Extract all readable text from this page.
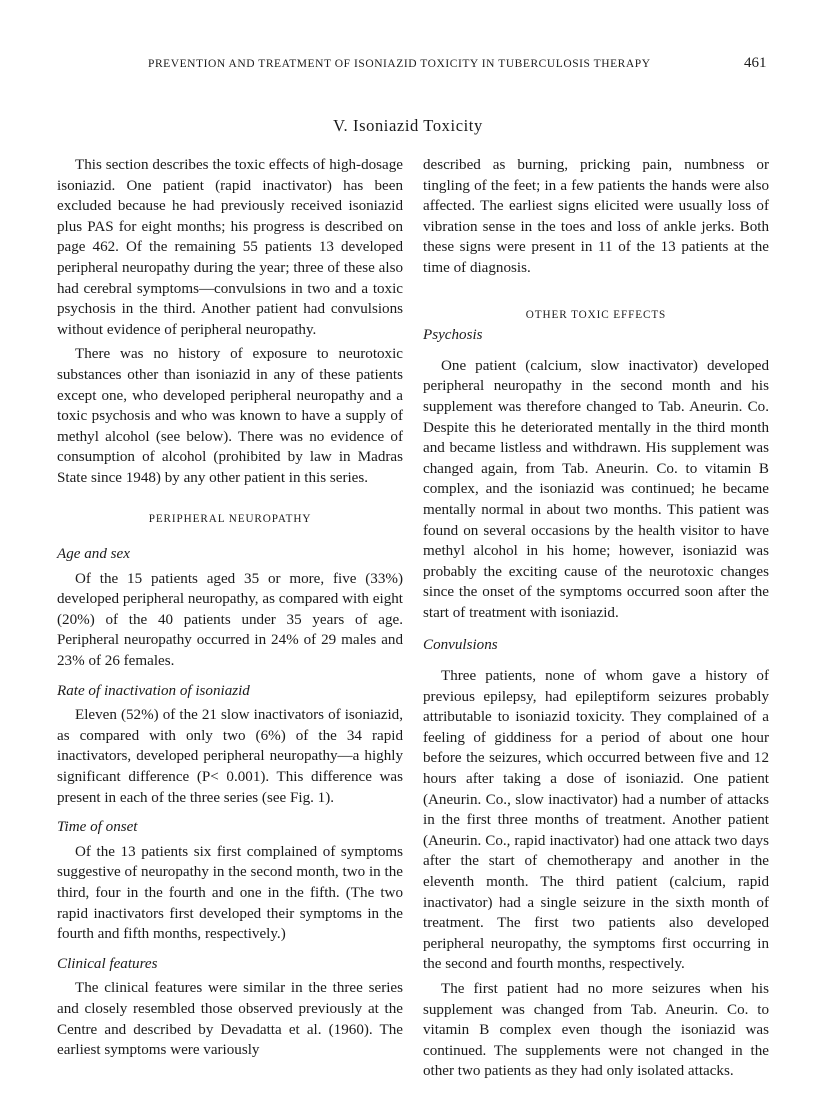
PREVENTION AND TREATMENT OF ISONIAZID TOXICITY IN TUBERCULOSIS THERAPY	461
V. Isoniazid Toxicity

This section describes the toxic effects of high-dosage isoniazid. One patient (rapid inactivator) has been excluded because he had previously received isoniazid plus PAS for eight months; his progress is described on page 462. Of the remaining 55 patients 13 developed peripheral neuropathy during the year; three of these also had cerebral symptoms—convulsions in two and a toxic psychosis in the third. Another patient had convulsions without evidence of peripheral neuropathy.

There was no history of exposure to neurotoxic substances other than isoniazid in any of these patients except one, who developed peripheral neuropathy and a toxic psychosis and who was known to have a supply of methyl alcohol (see below). There was no evidence of consumption of alcohol (prohibited by law in Madras State since 1948) by any other patient in this series.

PERIPHERAL NEUROPATHY
Age and sex

Of the 15 patients aged 35 or more, five (33%) developed peripheral neuropathy, as compared with eight (20%) of the 40 patients under 35 years of age. Peripheral neuropathy occurred in 24% of 29 males and 23% of 26 females.

Rate of inactivation of isoniazid

Eleven (52%) of the 21 slow inactivators of isoniazid, as compared with only two (6%) of the 34 rapid inactivators, developed peripheral neuropathy—a highly significant difference (P< 0.001). This difference was present in each of the three series (see Fig. 1).

Time of onset

Of the 13 patients six first complained of symptoms suggestive of neuropathy in the second month, two in the third, four in the fourth and one in the fifth. (The two rapid inactivators first developed their symptoms in the fourth and fifth months, respectively.)

Clinical features

The clinical features were similar in the three series and closely resembled those observed previously at the Centre and described by Devadatta et al. (1960). The earliest symptoms were variously

described as burning, pricking pain, numbness or tingling of the feet; in a few patients the hands were also affected. The earliest signs elicited were usually loss of vibration sense in the toes and loss of ankle jerks. Both these signs were present in 11 of the 13 patients at the time of diagnosis.

OTHER TOXIC EFFECTS
Psychosis

One patient (calcium, slow inactivator) developed peripheral neuropathy in the second month and his supplement was therefore changed to Tab. Aneurin. Co. Despite this he deteriorated mentally in the third month and became listless and withdrawn. His supplement was changed again, from Tab. Aneurin. Co. to vitamin B complex, and the isoniazid was continued; he became mentally normal in about two months. This patient was found on several occasions by the health visitor to have methyl alcohol in his home; however, isoniazid was probably the exciting cause of the neurotoxic changes since the onset of the symptoms occurred soon after the start of treatment with isoniazid.

Convulsions

Three patients, none of whom gave a history of previous epilepsy, had epileptiform seizures probably attributable to isoniazid toxicity. They complained of a feeling of giddiness for a period of about one hour before the seizures, which occurred between five and 12 hours after taking a dose of isoniazid. One patient (Aneurin. Co., slow inactivator) had a number of attacks in the first three months of treatment. Another patient (Aneurin. Co., rapid inactivator) had one attack two days after the start of chemotherapy and another in the eleventh month. The third patient (calcium, rapid inactivator) had a single seizure in the sixth month of treatment. The first two patients also developed peripheral neuropathy, the symptoms first occurring in the second and fourth months, respectively.

The first patient had no more seizures when his supplement was changed from Tab. Aneurin. Co. to vitamin B complex even though the isoniazid was continued. The supplements were not changed in the other two patients as they had only isolated attacks.
